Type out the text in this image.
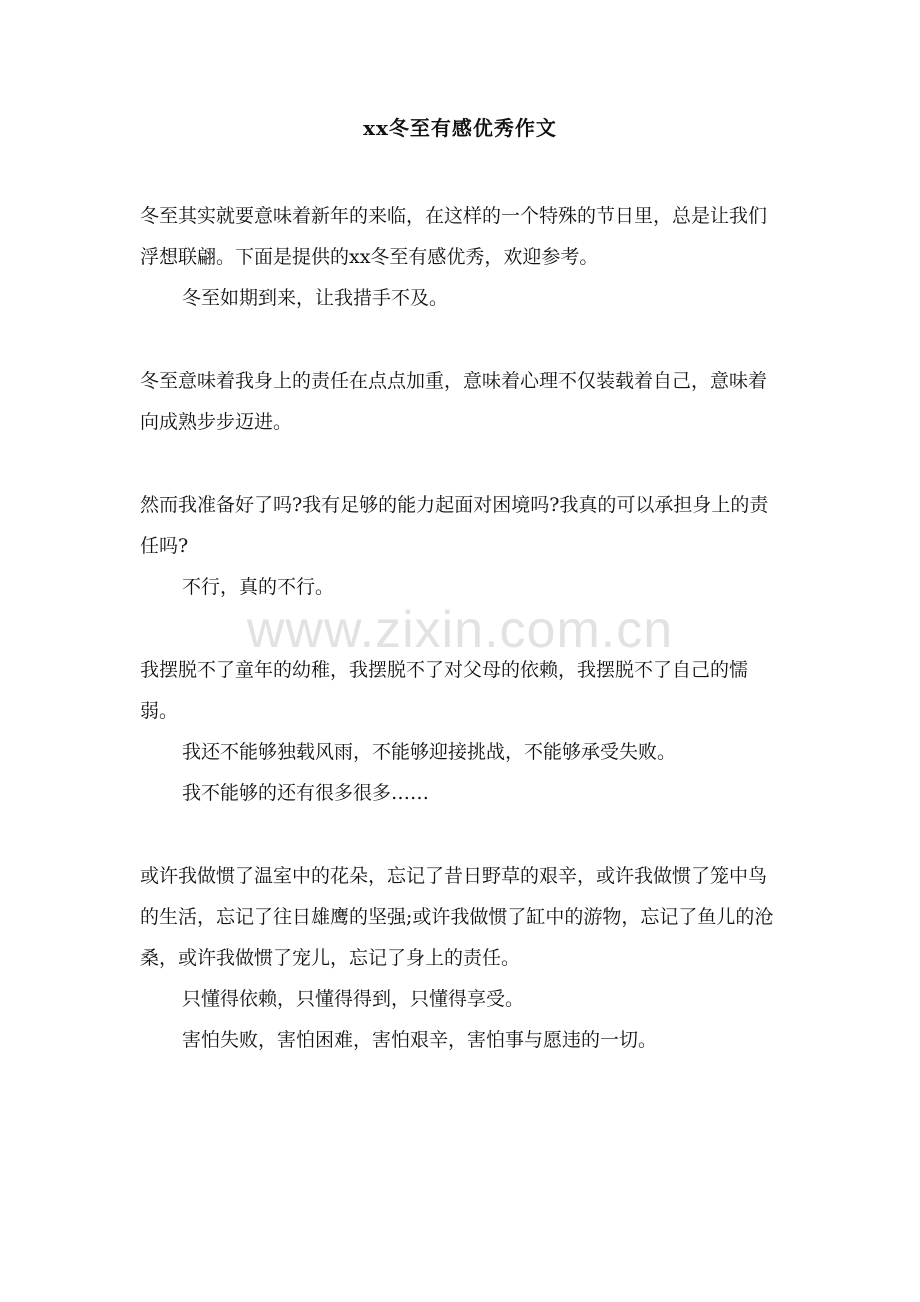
xx冬至有感优秀作文

冬至其实就要意味着新年的来临，在这样的一个特殊的节日里，总是让我们浮想联翩。下面是提供的xx冬至有感优秀，欢迎参考。

冬至如期到来，让我措手不及。

冬至意味着我身上的责任在点点加重，意味着心理不仅装载着自己，意味着向成熟步步迈进。

然而我准备好了吗?我有足够的能力起面对困境吗?我真的可以承担身上的责任吗?

不行，真的不行。

我摆脱不了童年的幼稚，我摆脱不了对父母的依赖，我摆脱不了自己的懦弱。

我还不能够独载风雨，不能够迎接挑战，不能够承受失败。

我不能够的还有很多很多……

或许我做惯了温室中的花朵，忘记了昔日野草的艰辛，或许我做惯了笼中鸟的生活，忘记了往日雄鹰的坚强;或许我做惯了缸中的游物，忘记了鱼儿的沧桑，或许我做惯了宠儿，忘记了身上的责任。

只懂得依赖，只懂得得到，只懂得享受。

害怕失败，害怕困难，害怕艰辛，害怕事与愿违的一切。

www.zixin.com.cn
